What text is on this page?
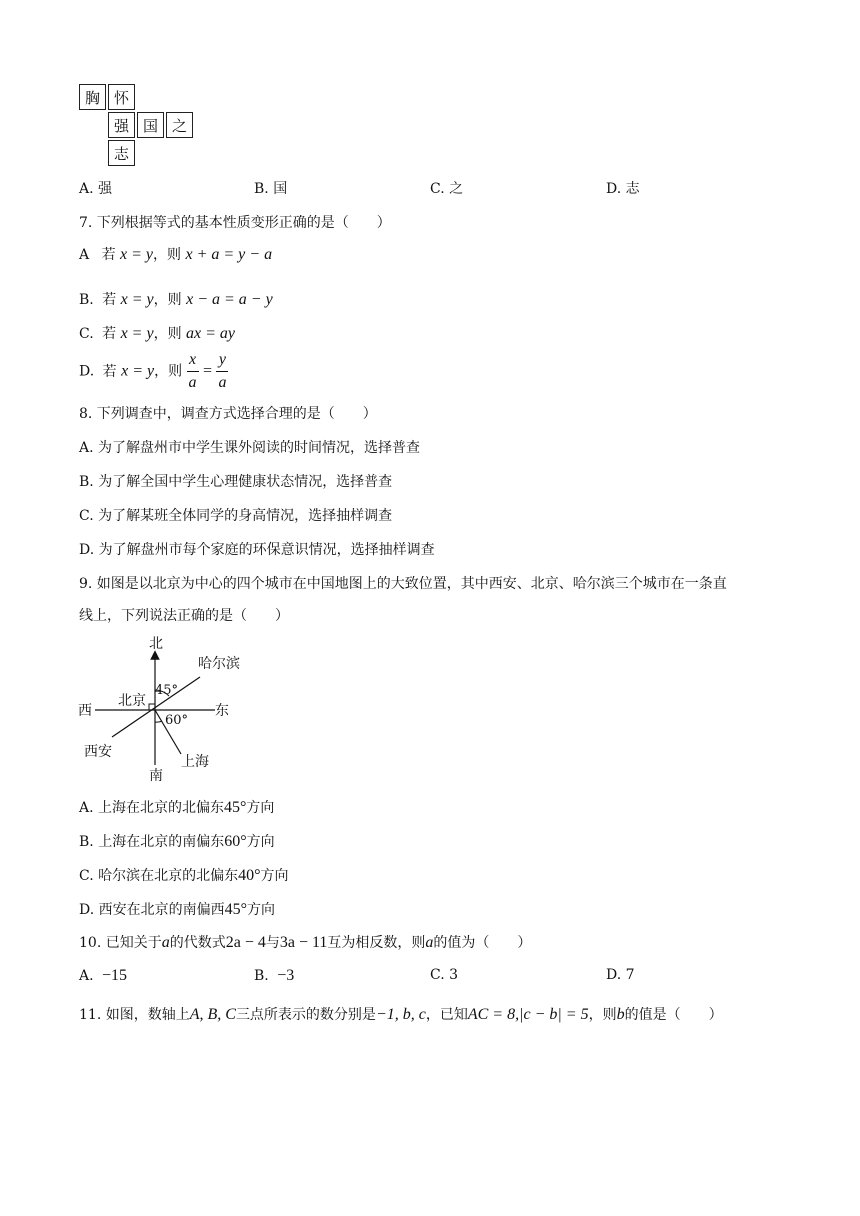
胸 怀
强 国 之
志
A. 强	B. 国	C. 之	D. 志
7. 下列根据等式的基本性质变形正确的是（　　）
A 若 x = y，则 x + a = y − a
B. 若 x = y，则 x − a = a − y
C. 若 x = y，则 ax = ay
D. 若 x = y，则 $\frac{x}{a} = \frac{y}{a}$
8. 下列调查中，调查方式选择合理的是（　　）
A. 为了解盘州市中学生课外阅读的时间情况，选择普查
B. 为了解全国中学生心理健康状态情况，选择普查
C. 为了解某班全体同学的身高情况，选择抽样调查
D. 为了解盘州市每个家庭的环保意识情况，选择抽样调查
9. 如图是以北京为中心的四个城市在中国地图上的大致位置，其中西安、北京、哈尔滨三个城市在一条直
线上，下列说法正确的是（　　）
北
南
西	东
北京
哈尔滨
西安
上海
45°
60°
A. 上海在北京的北偏东45°方向
B. 上海在北京的南偏东60°方向
C. 哈尔滨在北京的北偏东40°方向
D. 西安在北京的南偏西45°方向
10. 已知关于a的代数式2a − 4与3a − 11互为相反数，则a的值为（　　）
A. −15	B. −3	C. 3	D. 7
11. 如图，数轴上A, B, C三点所表示的数分别是−1, b, c，已知AC = 8,|c − b| = 5，则b的值是（　　）
